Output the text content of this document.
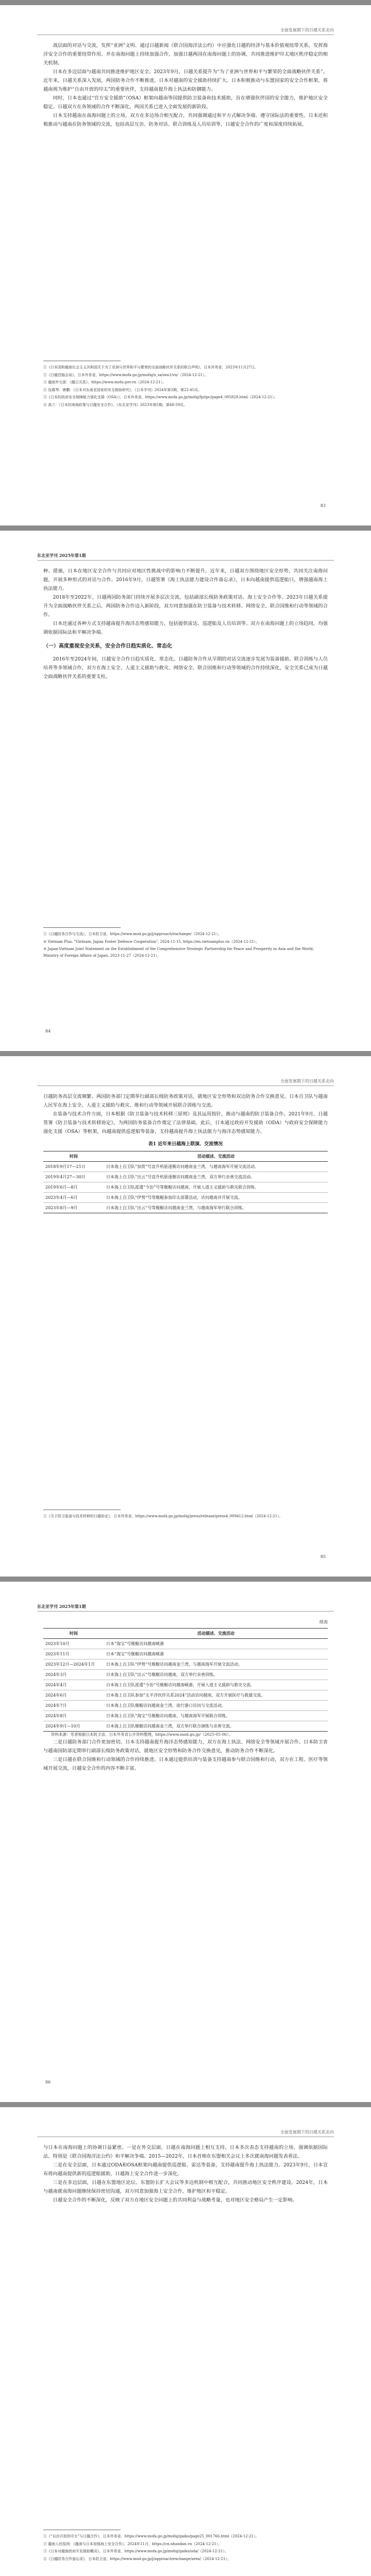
全面发展期下的日越关系走向

战层面的对话与交流，发挥“亚洲”文明、通过日越新闻（联合国海洋法公约）中应强化日越的经济与基本价值观纽带关系，发挥海洋安全合作的重要纽带作用。并在南海问题上持续加强合作，加强日越两国在南海问题上的协调，共同推进维护印太地区秩序稳定的相关机制。

日本在多边层面与越南共同推进维护地区安全。2023年9月，日越关系提升为“为了亚洲与世界和平与繁荣的全面战略伙伴关系”。近年来，日越关系深入发展，两国防务合作不断推进，日本对越南的安全援助持续扩大。日本积极推动与东盟国家的安全合作框架，将越南视为维护“自由开放的印太”的重要伙伴，支持越南提升海上执法和防御能力。

同时，日本也通过“官方安全援助”（OSA）框架向越南等国提供防卫装备和技术援助，旨在增强伙伴国的安全能力，维护地区安全稳定。日越双方在各领域的合作不断深化，两国关系已进入全面发展的新阶段。

日本支持越南在南海问题上的立场，双方在多边场合相互配合，共同强调通过和平方式解决争端、遵守国际法的重要性。日本还积极推动与越南在防务领域的交流，包括高层互访、防务对话、联合训练及人员培训等，日越安全合作的广度和深度持续拓展。

①《日本国和越南社会主义共和国关于为了亚洲与世界和平与繁荣的全面战略伙伴关系的联合声明》，日本外务省，2023年11月27日。
②《日越首脑会谈》，日本外务省，https://www.mofa.go.jp/mofaj/s_sa/sea1/vn/（2024-12-21）。
③ 越南外交部：《越日关系》，https://www.mofa.gov.vn（2024-12-21）。
④ 包霞琴、唐鹏：《日本对东南亚国家的安全援助研究》，《日本学刊》2024年第3期，第22-45页。
⑤《日本的政府安全保障能力强化支援（OSA）》，日本外务省，https://www.mofa.go.jp/mofaj/fp/ipc/page4_005828.html（2024-12-21）。
⑥ 高兰：《日本的南海政策与日越安全合作》，《东北亚学刊》2023年第5期，第48-59页。
83
东北亚学刊 2025年第1期

种、措施，日本在地区安全合作与共同应对地区性挑战中的影响力不断提升。近年来，日越双方围绕地区安全形势，共同关注南海问题，开展多种形式的对话与合作。2016年9月，日越签署《海上执法能力建设合作备忘录》，日本向越南提供巡逻船只，增强越南海上执法能力。

2018年至2022年，日越两国防务部门持续开展多层次交流，包括副部长级防务政策对话、海上安全合作等。2023年日越关系提升为全面战略伙伴关系之后，两国防务合作迈入新阶段，双方同意加强在防卫装备与技术转移、网络安全、联合国维和行动等领域的合作。

日本还通过各种方式支持越南提升海洋态势感知能力，包括提供雷达、巡逻船及人员培训等。双方在南海问题上的立场趋同，均强调依据国际法和平解决争端。

（一）高度重视安全关系，安全合作日趋实质化、常态化

2016年至2024年间，日越安全合作日趋实质化、常态化。日越防务合作从早期的对话交流逐步发展为装备援助、联合训练与人员培养等多领域合作，双方在海上安全、人道主义援助与救灾、网络安全、联合国维和行动等领域的合作持续深化，安全关系已成为日越全面战略伙伴关系的重要支柱。

①《日越防务合作与交流》，日本防卫省，https://www.mod.go.jp/j/approach/exchange/（2024-12-21）。
② Vietnam Plus, "Vietnam, Japan Foster Defence Cooperation", 2024-11-15, https://en.vietnamplus.vn（2024-12-21）。
③ Japan-Vietnam Joint Statement on the Establishment of the Comprehensive Strategic Partnership for Peace and Prosperity in Asia and the World, Ministry of Foreign Affairs of Japan, 2023-11-27（2024-12-21）。
84
全面发展期下的日越关系走向

日越防务高层交流频繁。两国防务部门定期举行副部长级防务政策对话，就地区安全形势和双边防务合作交换意见。日本自卫队与越南人民军在海上安全、人道主义援助与救灾、维和行动等领域开展联合训练与交流。

在装备与技术合作方面，日本根据《防卫装备与技术转移三原则》及其运用指针，推动与越南的防卫装备合作。2021年9月，日越签署《防卫装备与技术转移协定》，为两国防务装备合作奠定了法律基础。此后，日本通过政府开发援助（ODA）与政府安全保障能力强化支援（OSA）等框架，向越南提供巡逻船等装备，支持越南提升海上执法能力与海洋态势感知能力。

表1 近年来日越海上联演、交流情况
时间	活动描述、交流活动
2018年9月17—21日	日本海上自卫队“加贺”号直升机驱逐舰访问越南金兰湾，与越南海军开展交流活动。
2019年4月27—30日	日本海上自卫队“出云”号直升机驱逐舰访问越南金兰湾，双方举行亲善交流活动。
2019年6月—8月	日本海上自卫队派遣“今治”号等舰艇访问越南，开展人道主义援助与救灾联合训练。
2023年4月—6月	日本海上自卫队“伊势”号等舰艇参加印太部署活动，访问越南并开展交流。
2023年8月—9月	日本海上自卫队“出云”号等舰艇访问越南金兰湾，与越南海军举行联合训练。
①《关于防卫装备与技术转移的日越协定》，日本外务省，https://www.mofa.go.jp/mofaj/press/release/press4_009412.html（2024-12-21）。
85
东北亚学刊 2025年第1期
续表
时间	活动描述、交流活动
2023年10月	日本“海宝”号舰艇访问越南岘港
2023年11月	日本“海宝”号舰艇访问越南岘港
2023年12月—2024年1月	日本海上自卫队“伊势”号舰艇访问越南金兰湾，与越南海军开展交流活动。
2024年3月	日本海上自卫队“出云”号舰艇访问越南，双方举行亲善训练。
2024年4月	日本海上自卫队派遣“今治”号舰艇访问越南岘港，开展人道主义援助与救灾交流。
2024年6月	日本海上自卫队参加“太平洋伙伴关系2024”活动访问越南，双方开展医疗与救援交流。
2024年7月	日本海上自卫队舰艇访问越南金兰湾，进行港口访问与交流活动。
2024年8月	日本海上自卫队“海宝”号舰艇访问越南，与越南海军开展联合训练。
2024年9月—10月	日本海上自卫队舰艇访问越南金兰湾，双方举行联合演练与亲善交流。

资料来源：笔者根据日本防卫省、日本外务省公开资料整理，https://www.mod.go.jp/（2025-05-06）。

二是日越防务部门合作更加密切。日本支持越南提升海洋态势感知能力，双方在海上执法、网络安全等领域开展合作。日本防卫省与越南国防部定期举行副部长级防务政策对话，就地区安全形势和防务合作交换意见，推动防务合作不断深化。

三是日越在联合国维和行动领域的合作持续推进。日本通过提供培训与装备支持越南参与联合国维和行动，双方在工程、医疗等领域开展交流，日越安全合作的内容不断丰富。

86
全面发展期下的日越关系走向

与日本在南海问题上的协调日益紧密。一是在外交层面，日越在南海问题上相互支持。日本多次表态支持越南的立场，强调依据国际法、特别是《联合国海洋法公约》和平解决争端。2015—2022年，日本首相在东盟相关会议上多次就南海问题发表看法。

二是在安全层面，日本通过ODA和OSA框架向越南提供巡逻船、雷达等装备，支持越南提升海上执法能力。2023年9月，日本宣布将向越南提供新的巡逻船援助，日越海上安全合作进一步深化。

三是在多边层面，日越在东盟地区论坛、东盟防长扩大会议等多边机制中相互配合，共同推动地区安全秩序建设。2024年，日本与越南就南海问题继续保持密切沟通，双方同意加强海上安全合作，维护地区和平稳定。

日越安全合作的不断深化，反映了双方在地区安全问题上的共同利益与战略考量，也对地区安全格局产生一定影响。

①《“自由开放的印太”与日越合作》，日本外务省，https://www.mofa.go.jp/mofaj/gaiko/page25_001766.html（2024-12-21）。
② 越南人民报网：《越南与日本加强海上安全合作》，2024年11月，https://cn.nhandan.vn（2024-12-21）。
③《日本对越南政府开发援助概况》，日本外务省，https://www.mofa.go.jp/mofaj/gaiko/oda/（2024-12-21）。
④《日越防务合作备忘录》，日本防卫省，https://www.mod.go.jp/j/approach/exchange/area/（2024-12-21）。
